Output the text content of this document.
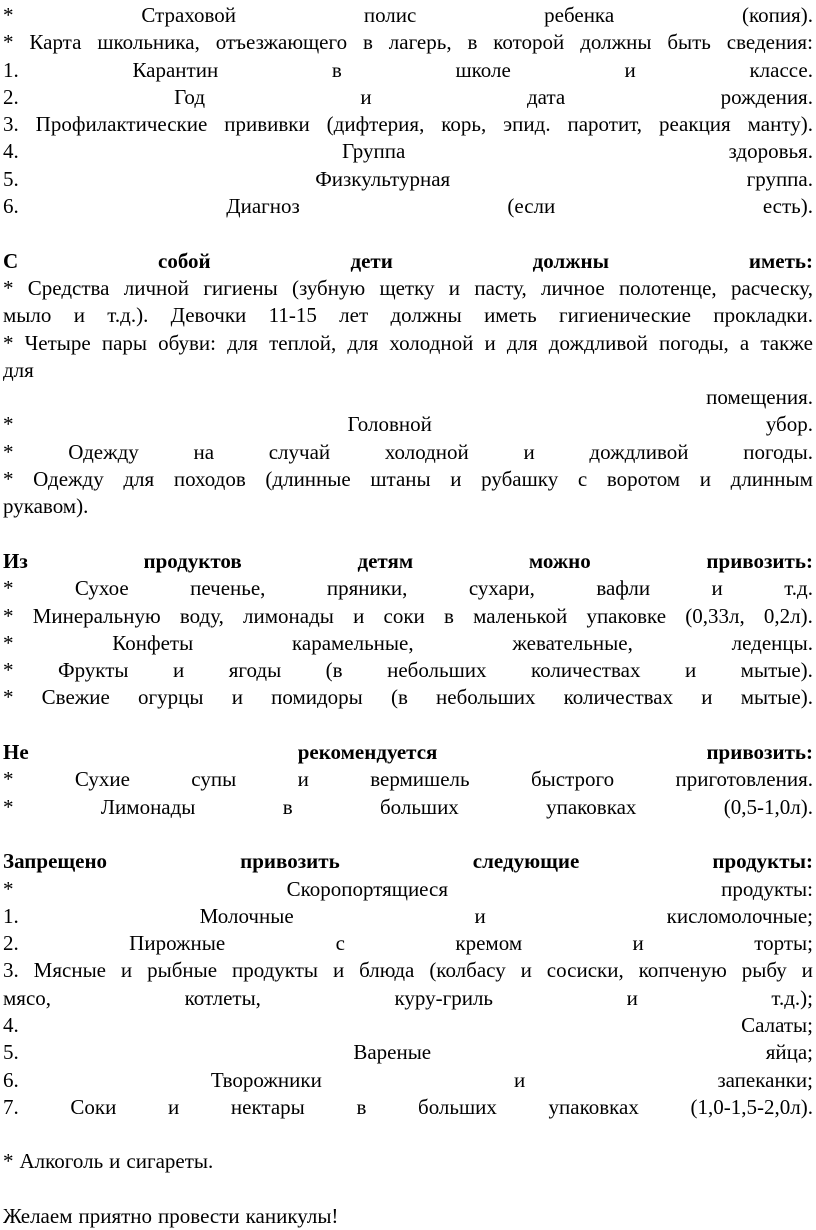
*	Страховой	полис	ребенка	(копия).
* Карта школьника, отъезжающего в лагерь, в которой должны быть сведения:
1.	Карантин	в	школе	и	классе.
2.	Год	и	дата	рождения.
3. Профилактические прививки (дифтерия, корь, эпид. паротит, реакция манту).
4.	Группа	здоровья.
5.	Физкультурная	группа.
6.	Диагноз	(если	есть).
С	собой	дети	должны	иметь:
* Средства личной гигиены (зубную щетку и пасту, личное полотенце, расческу,
мыло и т.д.). Девочки 11-15 лет должны иметь гигиенические прокладки.
* Четыре пары обуви: для теплой, для холодной и для дождливой погоды, а также
для
помещения.
*	Головной	убор.
*	Одежду	на	случай	холодной	и	дождливой	погоды.
* Одежду для походов (длинные штаны и рубашку с воротом и длинным
рукавом).
Из	продуктов	детям	можно	привозить:
*	Сухое	печенье,	пряники,	сухари,	вафли	и	т.д.
* Минеральную воду, лимонады и соки в маленькой упаковке (0,33л, 0,2л).
*	Конфеты	карамельные,	жевательные,	леденцы.
* Фрукты и ягоды (в небольших количествах и мытые).
* Свежие огурцы и помидоры (в небольших количествах и мытые).
Не	рекомендуется	привозить:
*	Сухие	супы	и	вермишель	быстрого	приготовления.
*	Лимонады	в	больших	упаковках	(0,5-1,0л).
Запрещено	привозить	следующие	продукты:
*	Скоропортящиеся	продукты:
1.	Молочные	и	кисломолочные;
2.	Пирожные	с	кремом	и	торты;
3. Мясные и рыбные продукты и блюда (колбасу и сосиски, копченую рыбу и
мясо,	котлеты,	куру-гриль	и	т.д.);
4.	Салаты;
5.	Вареные	яйца;
6.	Творожники	и	запеканки;
7. Соки и нектары в больших упаковках (1,0-1,5-2,0л).
* Алкоголь и сигареты.
Желаем приятно провести каникулы!
